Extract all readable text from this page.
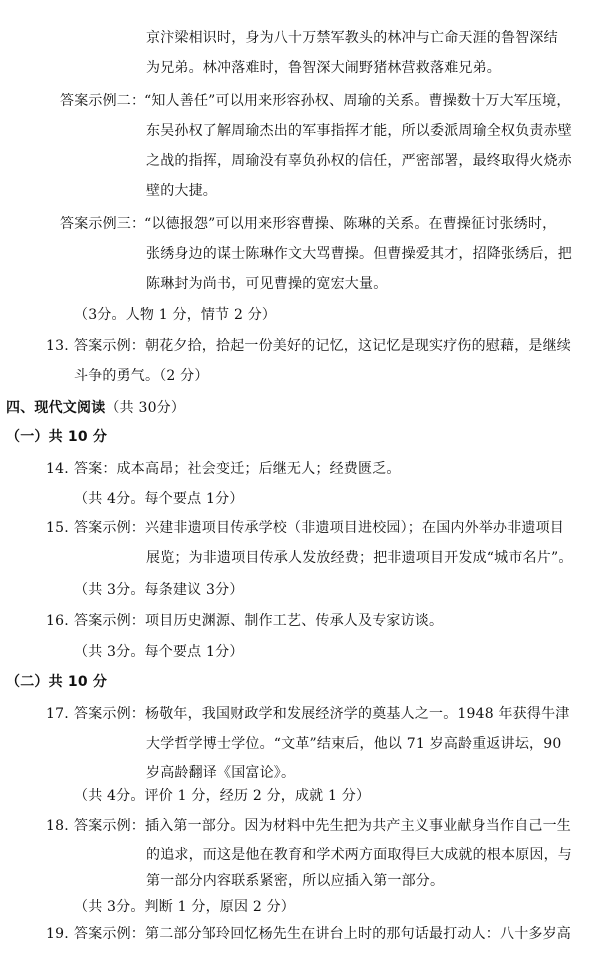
京汴梁相识时，身为八十万禁军教头的林冲与亡命天涯的鲁智深结
为兄弟。林冲落难时，鲁智深大闹野猪林营救落难兄弟。
答案示例二：
“知人善任”可以用来形容孙权、周瑜的关系。曹操数十万大军压境，
东吴孙权了解周瑜杰出的军事指挥才能，所以委派周瑜全权负责赤壁
之战的指挥，周瑜没有辜负孙权的信任，严密部署，最终取得火烧赤
壁的大捷。
答案示例三：
“以德报怨”可以用来形容曹操、陈琳的关系。在曹操征讨张绣时，
张绣身边的谋士陈琳作文大骂曹操。但曹操爱其才，招降张绣后，把
陈琳封为尚书，可见曹操的宽宏大量。
（3分。人物 1 分，情节 2 分）
13. 答案示例：朝花夕拾，拾起一份美好的记忆，这记忆是现实疗伤的慰藉，是继续
斗争的勇气。（2 分）
四、现代文阅读（共 30分）
（一）共 10 分
14. 答案：成本高昂；社会变迁；后继无人；经费匮乏。
（共 4分。每个要点 1分）
15. 答案示例：兴建非遗项目传承学校（非遗项目进校园）；在国内外举办非遗项目
展览；为非遗项目传承人发放经费；把非遗项目开发成“城市名片”。
（共 3分。每条建议 3分）
16. 答案示例：项目历史渊源、制作工艺、传承人及专家访谈。
（共 3分。每个要点 1分）
（二）共 10 分
17. 答案示例：杨敬年，我国财政学和发展经济学的奠基人之一。1948 年获得牛津
大学哲学博士学位。“文革”结束后，他以 71 岁高龄重返讲坛，90
岁高龄翻译《国富论》。
（共 4分。评价 1 分，经历 2 分，成就 1 分）
18. 答案示例：插入第一部分。因为材料中先生把为共产主义事业献身当作自己一生
的追求，而这是他在教育和学术两方面取得巨大成就的根本原因，与
第一部分内容联系紧密，所以应插入第一部分。
（共 3分。判断 1 分，原因 2 分）
19. 答案示例：第二部分邹玲回忆杨先生在讲台上时的那句话最打动人：八十多岁高
